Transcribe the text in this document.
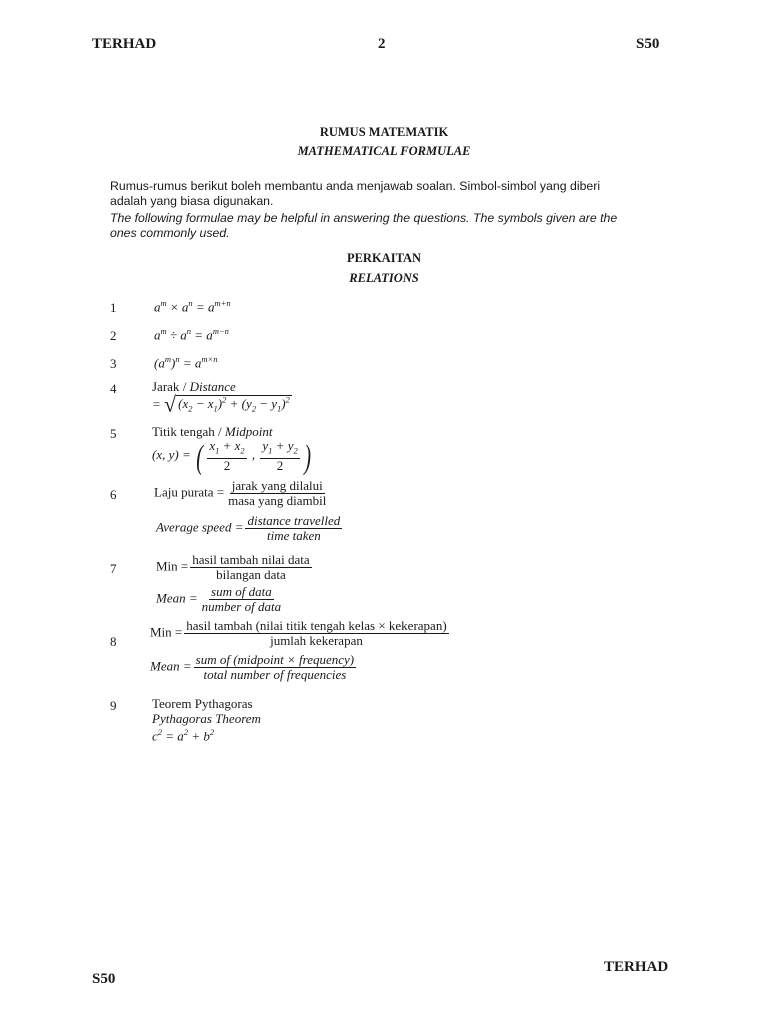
TERHAD	2	S50
RUMUS MATEMATIK
MATHEMATICAL FORMULAE
Rumus-rumus berikut boleh membantu anda menjawab soalan. Simbol-simbol yang diberi adalah yang biasa digunakan.
The following formulae may be helpful in answering the questions. The symbols given are the ones commonly used.
PERKAITAN
RELATIONS
1	$a^m \times a^n = a^{m+n}$
2	$a^m \div a^n = a^{m-n}$
3	$(a^m)^n = a^{m\times n}$
4	Jarak / Distance
= √ $(x_2 - x_1)^2 + (y_2 - y_1)^2$
5	Titik tengah / Midpoint
(x, y) = ( $\frac{x_1 + x_2}{2}$ , $\frac{y_1 + y_2}{2}$ )
6	Laju purata = $\frac{\text{jarak yang dilalui}}{\text{masa yang diambil}}$
Average speed = $\frac{\text{distance travelled}}{\text{time taken}}$
7	Min = $\frac{\text{hasil tambah nilai data}}{\text{bilangan data}}$
Mean = $\frac{\text{sum of data}}{\text{number of data}}$
8
Min = $\frac{\text{hasil tambah (nilai titik tengah kelas × kekerapan)}}{\text{jumlah kekerapan}}$
Mean = $\frac{\text{sum of (midpoint × frequency)}}{\text{total number of frequencies}}$
9	Teorem Pythagoras
Pythagoras Theorem
$c^2 = a^2 + b^2$
TERHAD
S50
